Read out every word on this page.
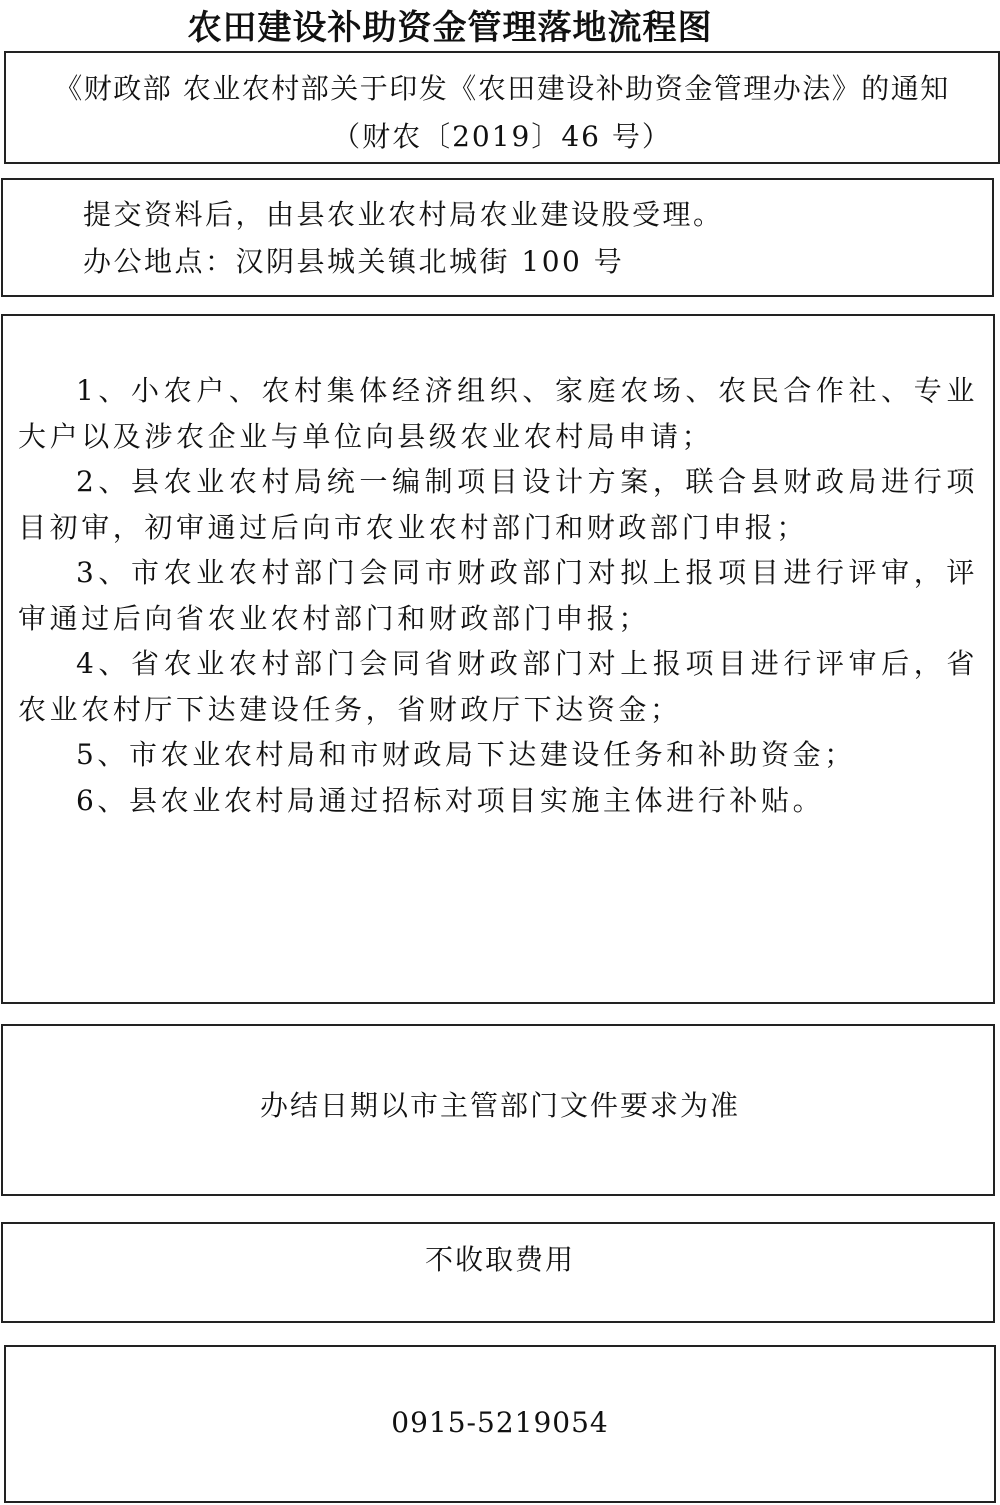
农田建设补助资金管理落地流程图
《财政部 农业农村部关于印发《农田建设补助资金管理办法》的通知
（财农〔2019〕46 号）
提交资料后，由县农业农村局农业建设股受理。
办公地点：汉阴县城关镇北城街 100 号

1、小农户、农村集体经济组织、家庭农场、农民合作社、专业大户以及涉农企业与单位向县级农业农村局申请；

2、县农业农村局统一编制项目设计方案，联合县财政局进行项目初审，初审通过后向市农业农村部门和财政部门申报；

3、市农业农村部门会同市财政部门对拟上报项目进行评审，评审通过后向省农业农村部门和财政部门申报；

4、省农业农村部门会同省财政部门对上报项目进行评审后，省农业农村厅下达建设任务，省财政厅下达资金；

5、市农业农村局和市财政局下达建设任务和补助资金；

6、县农业农村局通过招标对项目实施主体进行补贴。

办结日期以市主管部门文件要求为准
不收取费用
0915-5219054
